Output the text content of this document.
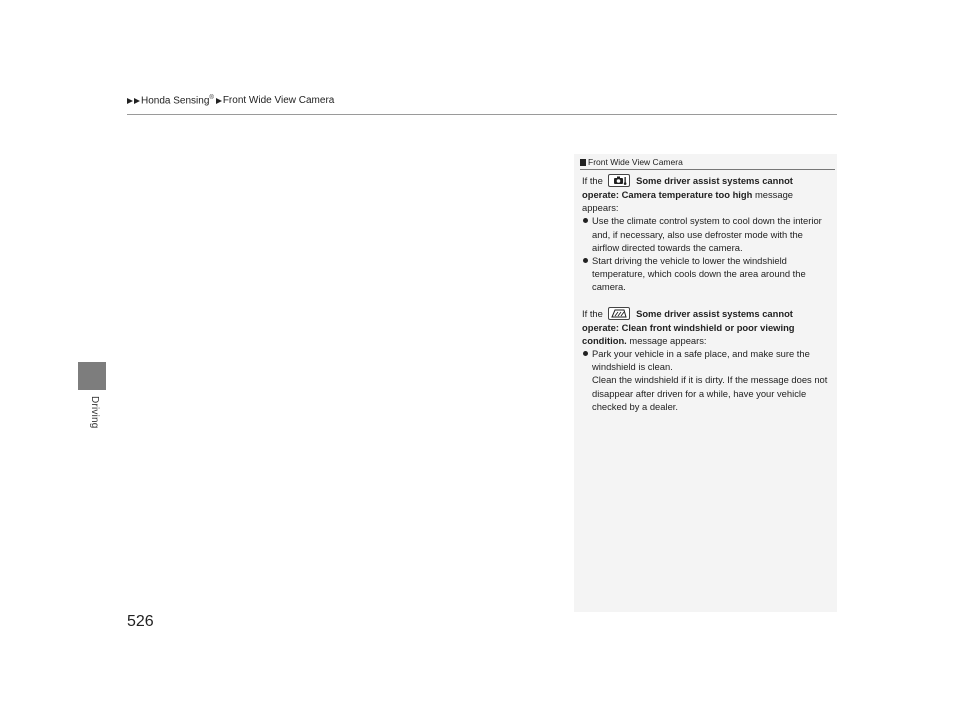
Honda Sensing® Front Wide View Camera
Driving
526
Front Wide View Camera

If the	Some driver assist systems cannot operate: Camera temperature too high message appears:

Use the climate control system to cool down the interior and, if necessary, also use defroster mode with the airflow directed towards the camera.

Start driving the vehicle to lower the windshield temperature, which cools down the area around the camera.

If the	Some driver assist systems cannot operate: Clean front windshield or poor viewing condition. message appears:

Park your vehicle in a safe place, and make sure the windshield is clean.

Clean the windshield if it is dirty. If the message does not disappear after driven for a while, have your vehicle checked by a dealer.
